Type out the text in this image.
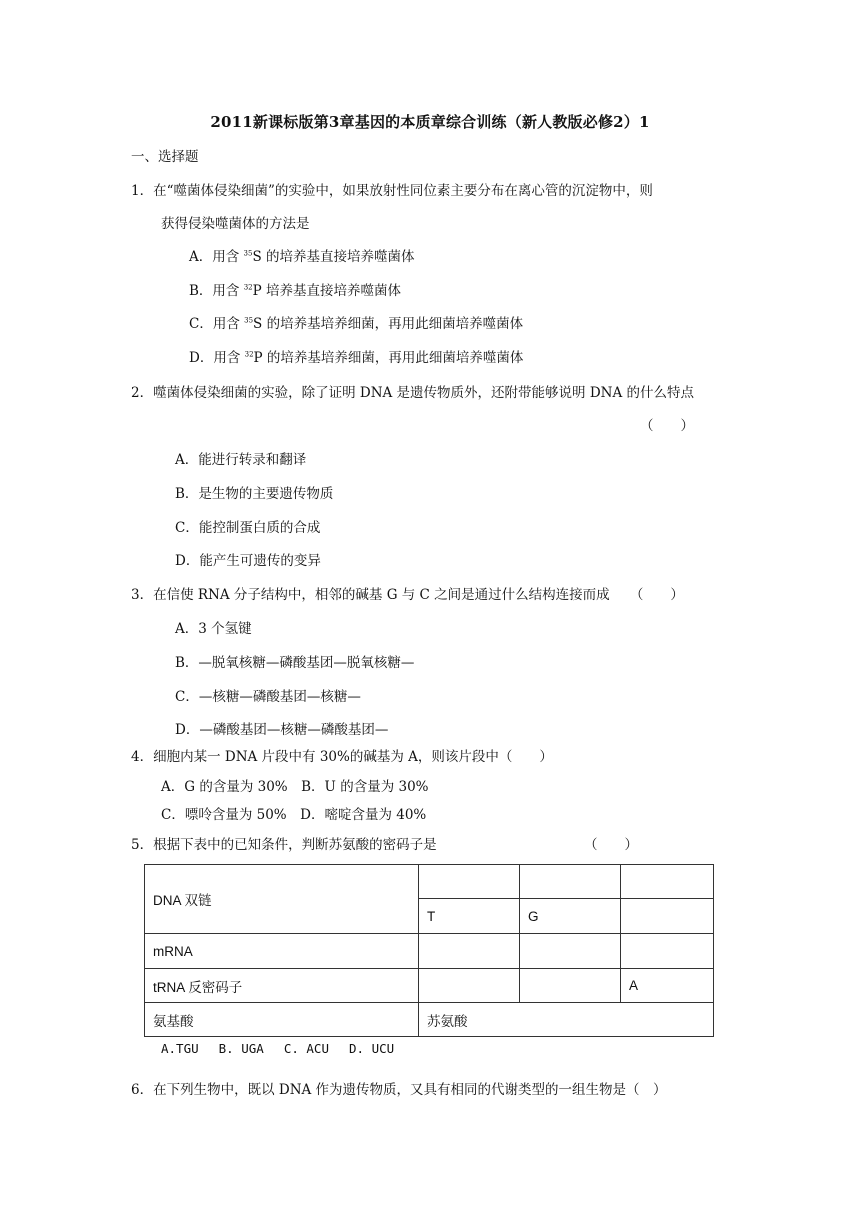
2011新课标版第3章基因的本质章综合训练（新人教版必修2）1
一、选择题
1．在“噬菌体侵染细菌”的实验中，如果放射性同位素主要分布在离心管的沉淀物中，则
获得侵染噬菌体的方法是
A．用含 $^{35}$S 的培养基直接培养噬菌体
B．用含 $^{32}$P 培养基直接培养噬菌体
C．用含 $^{35}$S 的培养基培养细菌，再用此细菌培养噬菌体
D．用含 $^{32}$P 的培养基培养细菌，再用此细菌培养噬菌体
2．噬菌体侵染细菌的实验，除了证明 DNA 是遗传物质外，还附带能够说明 DNA 的什么特点
（　　）
A．能进行转录和翻译
B．是生物的主要遗传物质
C．能控制蛋白质的合成
D．能产生可遗传的变异
3．在信使 RNA 分子结构中，相邻的碱基 G 与 C 之间是通过什么结构连接而成　　（　　）
A．3 个氢键
B．—脱氧核糖—磷酸基团—脱氧核糖—
C．—核糖—磷酸基团—核糖—
D．—磷酸基团—核糖—磷酸基团—
4．细胞内某一 DNA 片段中有 30%的碱基为 A，则该片段中（　　）
A．G 的含量为 30%　B．U 的含量为 30%
C．嘌呤含量为 50%　D．嘧啶含量为 40%
5．根据下表中的已知条件，判断苏氨酸的密码子是	（　　）
DNA 双链			
	T	G	
mRNA			
tRNA 反密码子			A
氨基酸	苏氨酸		
A.TGU　 B. UGA　 C. ACU　 D. UCU
6．在下列生物中，既以 DNA 作为遗传物质，又具有相同的代谢类型的一组生物是（　）
